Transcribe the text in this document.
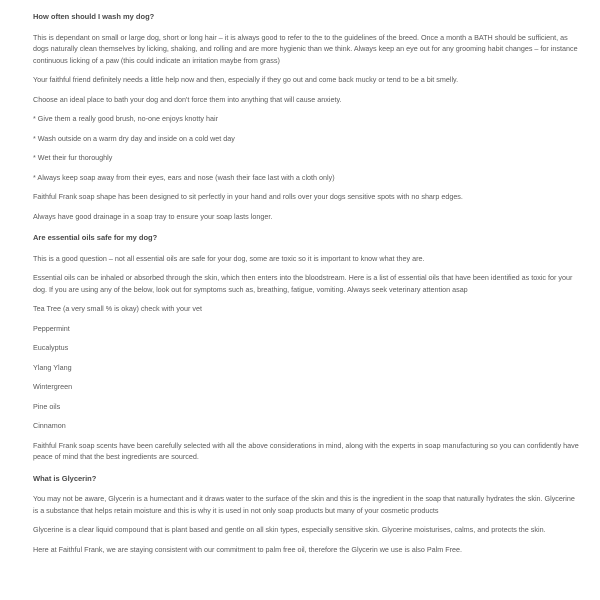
How often should I wash my dog?

This is dependant on small or large dog, short or long hair – it is always good to refer to the to the guidelines of the breed. Once a month a BATH should be sufficient, as dogs naturally clean themselves by licking, shaking, and rolling and are more hygienic than we think. Always keep an eye out for any grooming habit changes – for instance continuous licking of a paw (this could indicate an irritation maybe from grass)

Your faithful friend definitely needs a little help now and then, especially if they go out and come back mucky or tend to be a bit smelly.

Choose an ideal place to bath your dog and don't force them into anything that will cause anxiety.

* Give them a really good brush, no-one enjoys knotty hair

* Wash outside on a warm dry day and inside on a cold wet day

* Wet their fur thoroughly

* Always keep soap away from their eyes, ears and nose (wash their face last with a cloth only)

Faithful Frank soap shape has been designed to sit perfectly in your hand and rolls over your dogs sensitive spots with no sharp edges.

Always have good drainage in a soap tray to ensure your soap lasts longer.

Are essential oils safe for my dog?

This is a good question – not all essential oils are safe for your dog, some are toxic so it is important to know what they are.

Essential oils can be inhaled or absorbed through the skin, which then enters into the bloodstream. Here is a list of essential oils that have been identified as toxic for your dog. If you are using any of the below, look out for symptoms such as, breathing, fatigue, vomiting. Always seek veterinary attention asap

Tea Tree (a very small % is okay) check with your vet

Peppermint

Eucalyptus

Ylang Ylang

Wintergreen

Pine oils

Cinnamon

Faithful Frank soap scents have been carefully selected with all the above considerations in mind, along with the experts in soap manufacturing so you can confidently have peace of mind that the best ingredients are sourced.

What is Glycerin?

You may not be aware, Glycerin is a humectant and it draws water to the surface of the skin and this is the ingredient in the soap that naturally hydrates the skin. Glycerine is a substance that helps retain moisture and this is why it is used in not only soap products but many of your cosmetic products

Glycerine is a clear liquid compound that is plant based and gentle on all skin types, especially sensitive skin. Glycerine moisturises, calms, and protects the skin.

Here at Faithful Frank, we are staying consistent with our commitment to palm free oil, therefore the Glycerin we use is also Palm Free.
